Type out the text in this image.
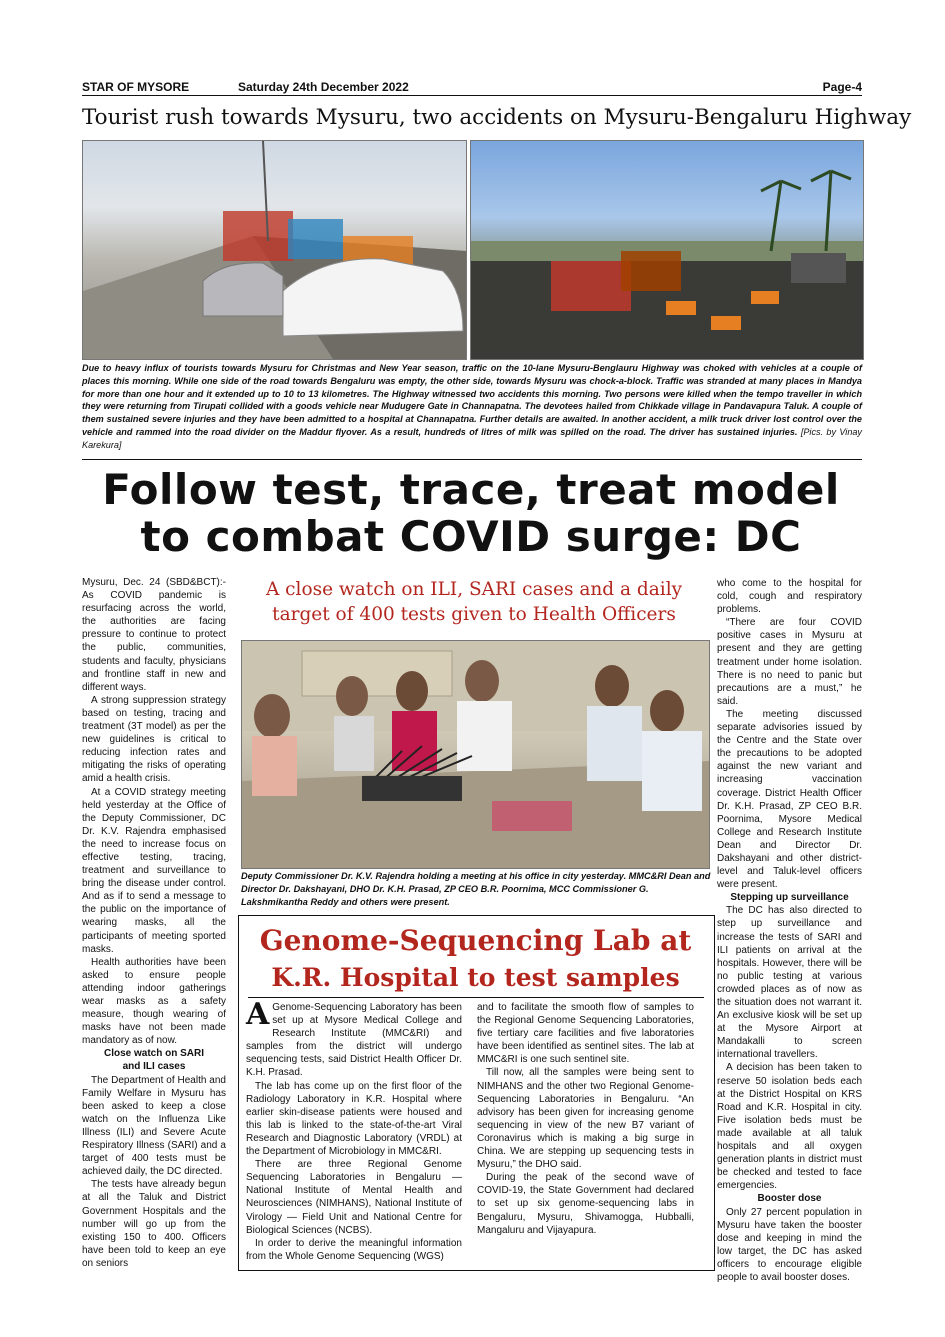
STAR OF MYSORE	Saturday 24th December 2022	Page-4
Tourist rush towards Mysuru, two accidents on Mysuru-Bengaluru Highway
Due to heavy influx of tourists towards Mysuru for Christmas and New Year season, traffic on the 10-lane Mysuru-Benglauru Highway was choked with vehicles at a couple of places this morning. While one side of the road towards Bengaluru was empty, the other side, towards Mysuru was chock-a-block. Traffic was stranded at many places in Mandya for more than one hour and it extended up to 10 to 13 kilometres. The Highway witnessed two accidents this morning. Two persons were killed when the tempo traveller in which they were returning from Tirupati collided with a goods vehicle near Mudugere Gate in Channapatna. The devotees hailed from Chikkade village in Pandavapura Taluk. A couple of them sustained severe injuries and they have been admitted to a hospital at Channapatna. Further details are awaited. In another accident, a milk truck driver lost control over the vehicle and rammed into the road divider on the Maddur flyover. As a result, hundreds of litres of milk was spilled on the road. The driver has sustained injuries. [Pics. by Vinay Karekura]
Follow test, trace, treat model
to combat COVID surge: DC

Mysuru, Dec. 24 (SBD&BCT):- As COVID pandemic is resurfacing across the world, the authorities are facing pressure to continue to protect the public, communities, students and faculty, physicians and frontline staff in new and different ways.

A strong suppression strategy based on testing, tracing and treatment (3T model) as per the new guidelines is critical to reducing infection rates and mitigating the risks of operating amid a health crisis.

At a COVID strategy meeting held yesterday at the Office of the Deputy Commissioner, DC Dr. K.V. Rajendra emphasised the need to increase focus on effective testing, tracing, treatment and surveillance to bring the disease under control. And as if to send a message to the public on the importance of wearing masks, all the participants of meeting sported masks.

Health authorities have been asked to ensure people attending indoor gatherings wear masks as a safety measure, though wearing of masks have not been made mandatory as of now.

Close watch on SARI

and ILI cases

The Department of Health and Family Welfare in Mysuru has been asked to keep a close watch on the Influenza Like Illness (ILI) and Severe Acute Respiratory Illness (SARI) and a target of 400 tests must be achieved daily, the DC directed.

The tests have already begun at all the Taluk and District Government Hospitals and the number will go up from the existing 150 to 400. Officers have been told to keep an eye on seniors

A close watch on ILI, SARI cases and a daily
target of 400 tests given to Health Officers
Deputy Commissioner Dr. K.V. Rajendra holding a meeting at his office in city yesterday. MMC&RI Dean and Director Dr. Dakshayani, DHO Dr. K.H. Prasad, ZP CEO B.R. Poornima, MCC Commissioner G. Lakshmikantha Reddy and others were present.
Genome-Sequencing Lab at
K.R. Hospital to test samples

A Genome-Sequencing Laboratory has been set up at Mysore Medical College and Research Institute (MMC&RI) and samples from the district will undergo sequencing tests, said District Health Officer Dr. K.H. Prasad.

The lab has come up on the first floor of the Radiology Laboratory in K.R. Hospital where earlier skin-disease patients were housed and this lab is linked to the state-of-the-art Viral Research and Diagnostic Laboratory (VRDL) at the Department of Microbiology in MMC&RI.

There are three Regional Genome Sequencing Laboratories in Bengaluru — National Institute of Mental Health and Neurosciences (NIMHANS), National Institute of Virology — Field Unit and National Centre for Biological Sciences (NCBS).

In order to derive the meaningful information from the Whole Genome Sequencing (WGS)

and to facilitate the smooth flow of samples to the Regional Genome Sequencing Laboratories, five tertiary care facilities and five laboratories have been identified as sentinel sites. The lab at MMC&RI is one such sentinel site.

Till now, all the samples were being sent to NIMHANS and the other two Regional Genome-Sequencing Laboratories in Bengaluru. “An advisory has been given for increasing genome sequencing in view of the new B7 variant of Coronavirus which is making a big surge in China. We are stepping up sequencing tests in Mysuru,” the DHO said.

During the peak of the second wave of COVID-19, the State Government had declared to set up six genome-sequencing labs in Bengaluru, Mysuru, Shivamogga, Hubballi, Mangaluru and Vijayapura.

who come to the hospital for cold, cough and respiratory problems.

“There are four COVID positive cases in Mysuru at present and they are getting treatment under home isolation. There is no need to panic but precautions are a must,” he said.

The meeting discussed separate advisories issued by the Centre and the State over the precautions to be adopted against the new variant and increasing vaccination coverage. District Health Officer Dr. K.H. Prasad, ZP CEO B.R. Poornima, Mysore Medical College and Research Institute Dean and Director Dr. Dakshayani and other district-level and Taluk-level officers were present.

Stepping up surveillance

The DC has also directed to step up surveillance and increase the tests of SARI and ILI patients on arrival at the hospitals. However, there will be no public testing at various crowded places as of now as the situation does not warrant it. An exclusive kiosk will be set up at the Mysore Airport at Mandakalli to screen international travellers.

A decision has been taken to reserve 50 isolation beds each at the District Hospital on KRS Road and K.R. Hospital in city. Five isolation beds must be made available at all taluk hospitals and all oxygen generation plants in district must be checked and tested to face emergencies.

Booster dose

Only 27 percent population in Mysuru have taken the booster dose and keeping in mind the low target, the DC has asked officers to encourage eligible people to avail booster doses.
